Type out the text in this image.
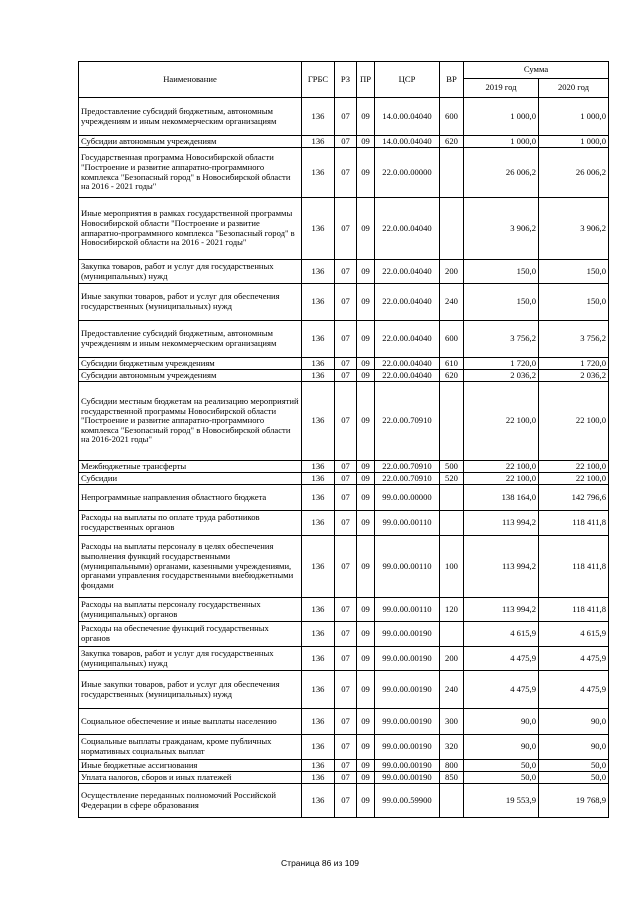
Наименование	ГРБС	РЗ	ПР	ЦСР	ВР	Сумма	
						2019 год	2020 год
Предоставление субсидий бюджетным, автономным учреждениям и иным некоммерческим организациям	136	07	09	14.0.00.04040	600	1 000,0	1 000,0
Субсидии автономным учреждениям	136	07	09	14.0.00.04040	620	1 000,0	1 000,0
Государственная программа Новосибирской области "Построение и развитие аппаратно-программного комплекса "Безопасный город" в Новосибирской области на 2016 - 2021 годы"	136	07	09	22.0.00.00000		26 006,2	26 006,2
Иные мероприятия в рамках государственной программы Новосибирской области "Построение и развитие аппаратно-программного комплекса "Безопасный город" в Новосибирской области на 2016 - 2021 годы"	136	07	09	22.0.00.04040		3 906,2	3 906,2
Закупка товаров, работ и услуг для государственных (муниципальных) нужд	136	07	09	22.0.00.04040	200	150,0	150,0
Иные закупки товаров, работ и услуг для обеспечения государственных (муниципальных) нужд	136	07	09	22.0.00.04040	240	150,0	150,0
Предоставление субсидий бюджетным, автономным учреждениям и иным некоммерческим организациям	136	07	09	22.0.00.04040	600	3 756,2	3 756,2
Субсидии бюджетным учреждениям	136	07	09	22.0.00.04040	610	1 720,0	1 720,0
Субсидии автономным учреждениям	136	07	09	22.0.00.04040	620	2 036,2	2 036,2
Субсидии местным бюджетам на реализацию мероприятий государственной программы Новосибирской области "Построение и развитие аппаратно-программного комплекса "Безопасный город" в Новосибирской области на 2016-2021 годы"	136	07	09	22.0.00.70910		22 100,0	22 100,0
Межбюджетные трансферты	136	07	09	22.0.00.70910	500	22 100,0	22 100,0
Субсидии	136	07	09	22.0.00.70910	520	22 100,0	22 100,0
Непрограммные направления областного бюджета	136	07	09	99.0.00.00000		138 164,0	142 796,6
Расходы на выплаты по оплате труда работников государственных органов	136	07	09	99.0.00.00110		113 994,2	118 411,8
Расходы на выплаты персоналу в целях обеспечения выполнения функций государственными (муниципальными) органами, казенными учреждениями, органами управления государственными внебюджетными фондами	136	07	09	99.0.00.00110	100	113 994,2	118 411,8
Расходы на выплаты персоналу государственных (муниципальных) органов	136	07	09	99.0.00.00110	120	113 994,2	118 411,8
Расходы на обеспечение функций государственных органов	136	07	09	99.0.00.00190		4 615,9	4 615,9
Закупка товаров, работ и услуг для государственных (муниципальных) нужд	136	07	09	99.0.00.00190	200	4 475,9	4 475,9
Иные закупки товаров, работ и услуг для обеспечения государственных (муниципальных) нужд	136	07	09	99.0.00.00190	240	4 475,9	4 475,9
Социальное обеспечение и иные выплаты населению	136	07	09	99.0.00.00190	300	90,0	90,0
Социальные выплаты гражданам, кроме публичных нормативных социальных выплат	136	07	09	99.0.00.00190	320	90,0	90,0
Иные бюджетные ассигнования	136	07	09	99.0.00.00190	800	50,0	50,0
Уплата налогов, сборов и иных платежей	136	07	09	99.0.00.00190	850	50,0	50,0
Осуществление переданных полномочий Российской Федерации в сфере образования	136	07	09	99.0.00.59900		19 553,9	19 768,9
Страница 86 из 109
